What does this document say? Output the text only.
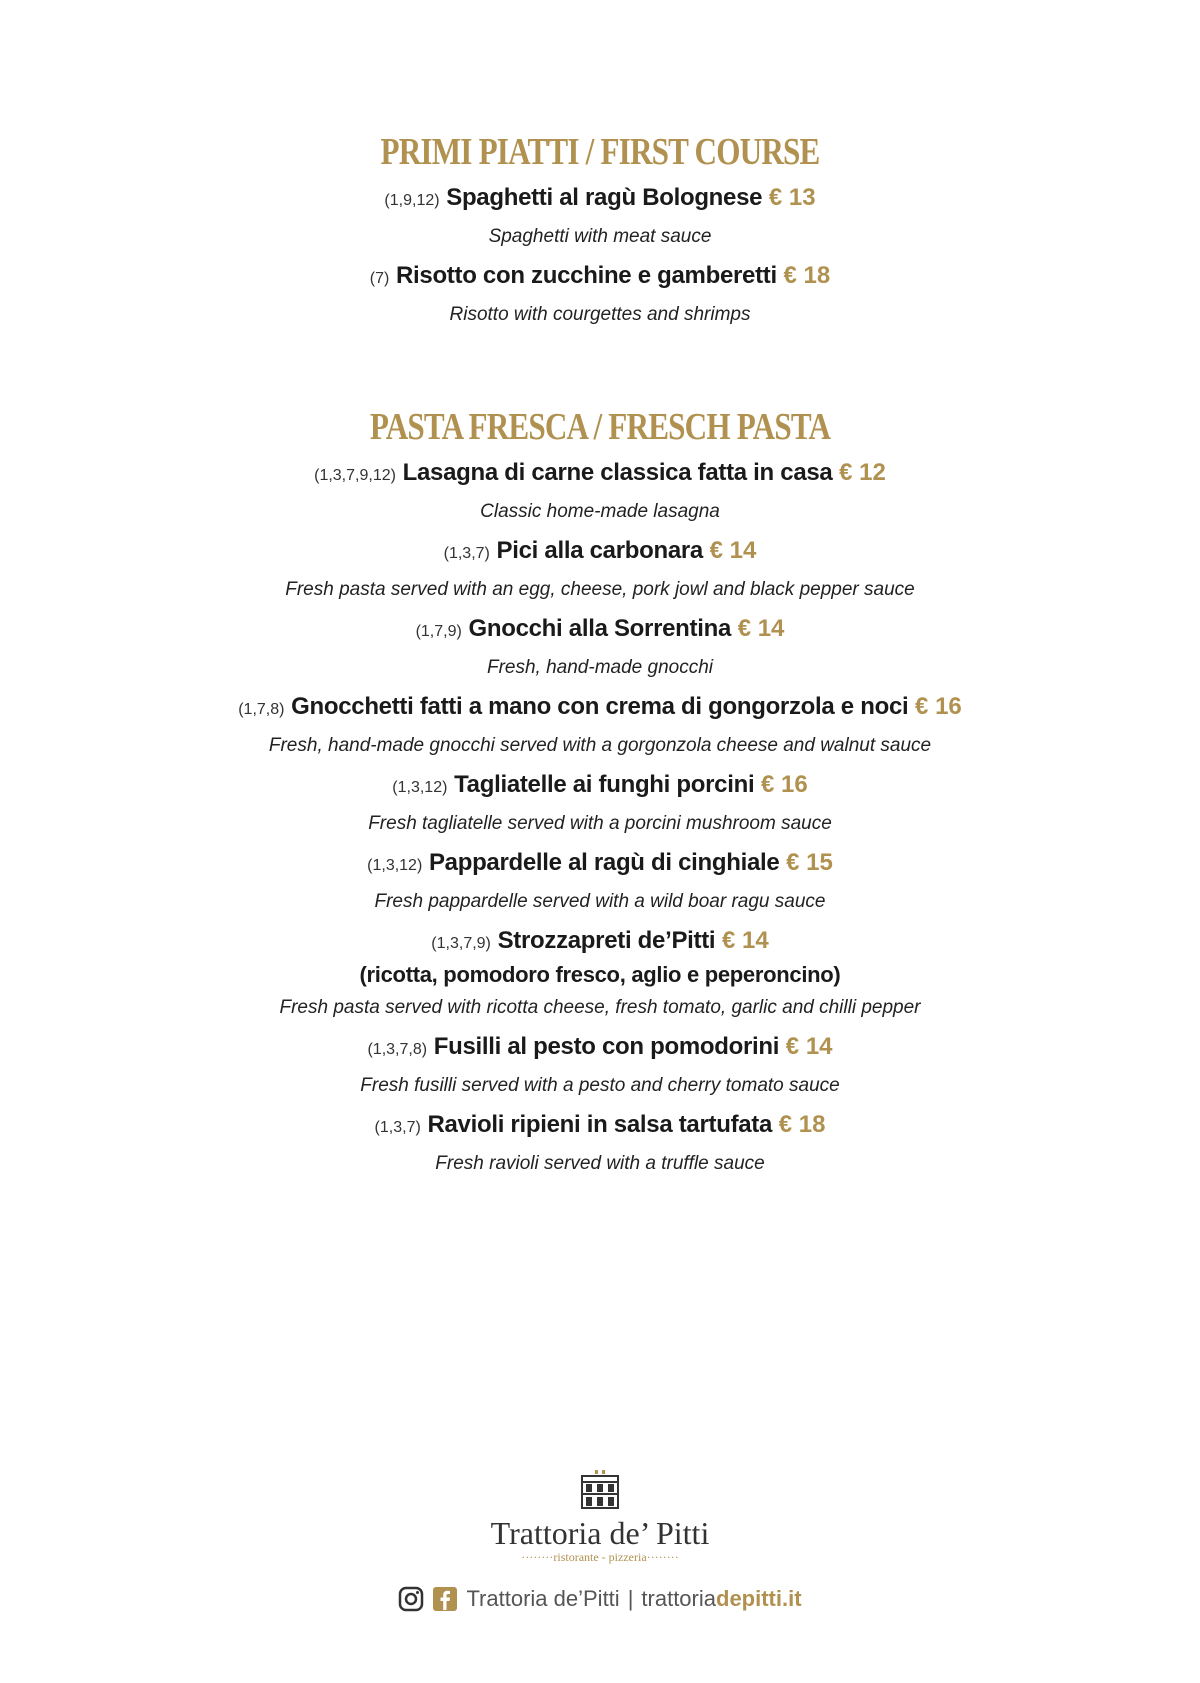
PRIMI PIATTI / FIRST COURSE
(1,9,12) Spaghetti al ragù Bolognese € 13
Spaghetti with meat sauce
(7) Risotto con zucchine e gamberetti € 18
Risotto with courgettes and shrimps
PASTA FRESCA / FRESCH PASTA
(1,3,7,9,12) Lasagna di carne classica fatta in casa € 12
Classic home-made lasagna
(1,3,7) Pici alla carbonara € 14
Fresh pasta served with an egg, cheese, pork jowl and black pepper sauce
(1,7,9) Gnocchi alla Sorrentina € 14
Fresh, hand-made gnocchi
(1,7,8) Gnocchetti fatti a mano con crema di gongorzola e noci € 16
Fresh, hand-made gnocchi served with a gorgonzola cheese and walnut sauce
(1,3,12) Tagliatelle ai funghi porcini € 16
Fresh tagliatelle served with a porcini mushroom sauce
(1,3,12) Pappardelle al ragù di cinghiale € 15
Fresh pappardelle served with a wild boar ragu sauce
(1,3,7,9) Strozzapreti de’Pitti € 14
(ricotta, pomodoro fresco, aglio e peperoncino)
Fresh pasta served with ricotta cheese, fresh tomato, garlic and chilli pepper
(1,3,7,8) Fusilli al pesto con pomodorini € 14
Fresh fusilli served with a pesto and cherry tomato sauce
(1,3,7) Ravioli ripieni in salsa tartufata € 18
Fresh ravioli served with a truffle sauce
Trattoria de’ Pitti
········ristorante - pizzeria········
Trattoria de’Pitti | trattoriadepitti.it
